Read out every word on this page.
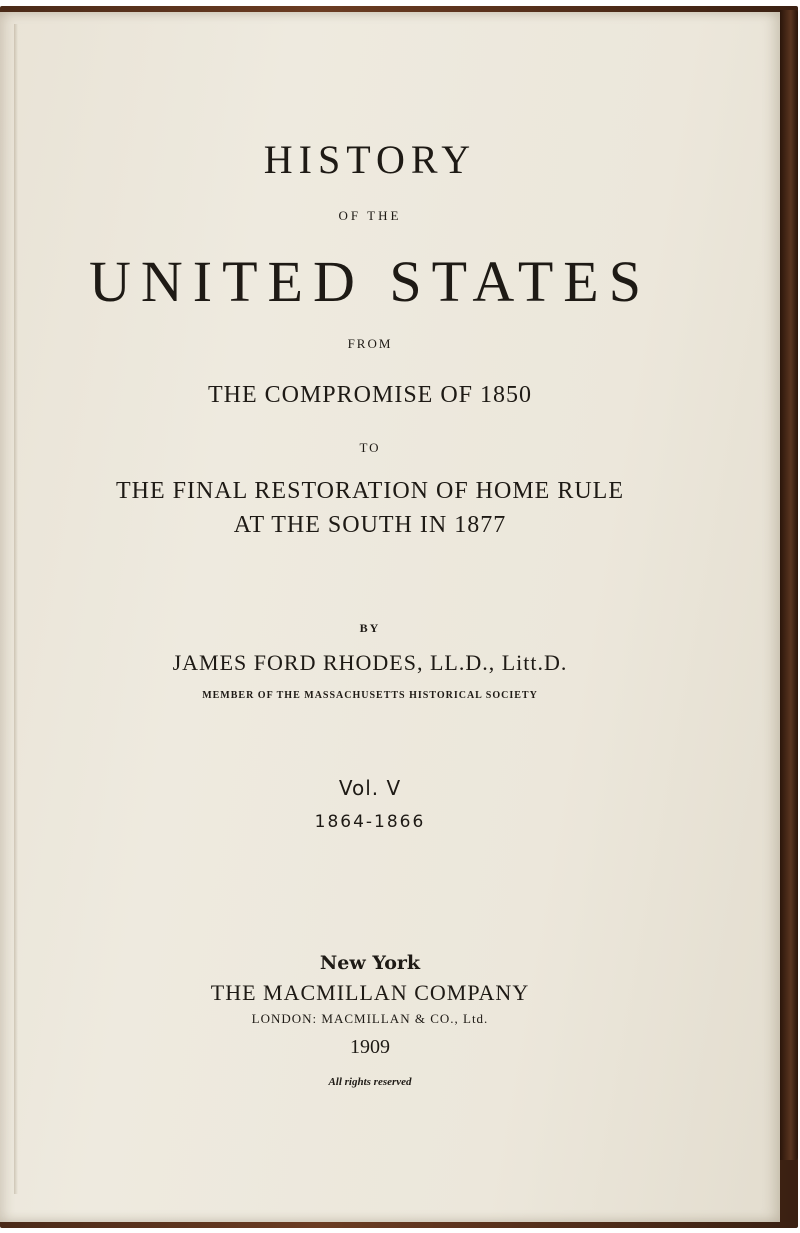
HISTORY
OF THE
UNITED STATES
FROM
THE COMPROMISE OF 1850
TO
THE FINAL RESTORATION OF HOME RULE
AT THE SOUTH IN 1877
BY
JAMES FORD RHODES, LL.D., Litt.D.
MEMBER OF THE MASSACHUSETTS HISTORICAL SOCIETY
Vol. V
1864-1866
New York
THE MACMILLAN COMPANY
LONDON: MACMILLAN & CO., Ltd.
1909
All rights reserved
